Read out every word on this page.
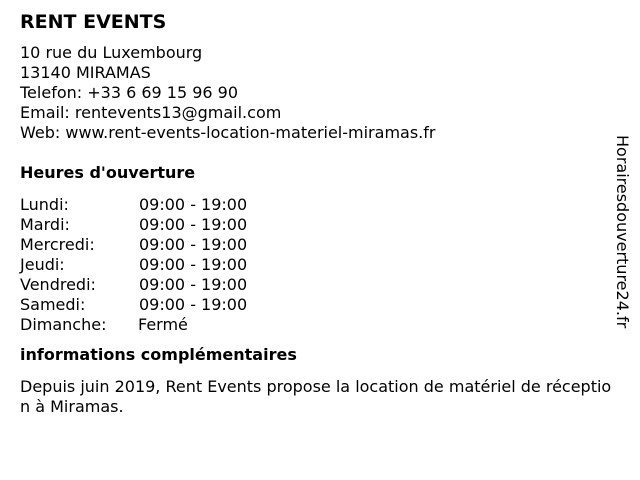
RENT EVENTS
10 rue du Luxembourg
13140 MIRAMAS
Telefon: +33 6 69 15 96 90
Email: rentevents13@gmail.com
Web: www.rent-events-location-materiel-miramas.fr
Heures d'ouverture
Lundi:	09:00 - 19:00
Mardi:	09:00 - 19:00
Mercredi:	09:00 - 19:00
Jeudi:	09:00 - 19:00
Vendredi:	09:00 - 19:00
Samedi:	09:00 - 19:00
Dimanche: Fermé
informations complémentaires
Depuis juin 2019, Rent Events propose la location de matériel de réception à Miramas.
Horairesdouverture24.fr
